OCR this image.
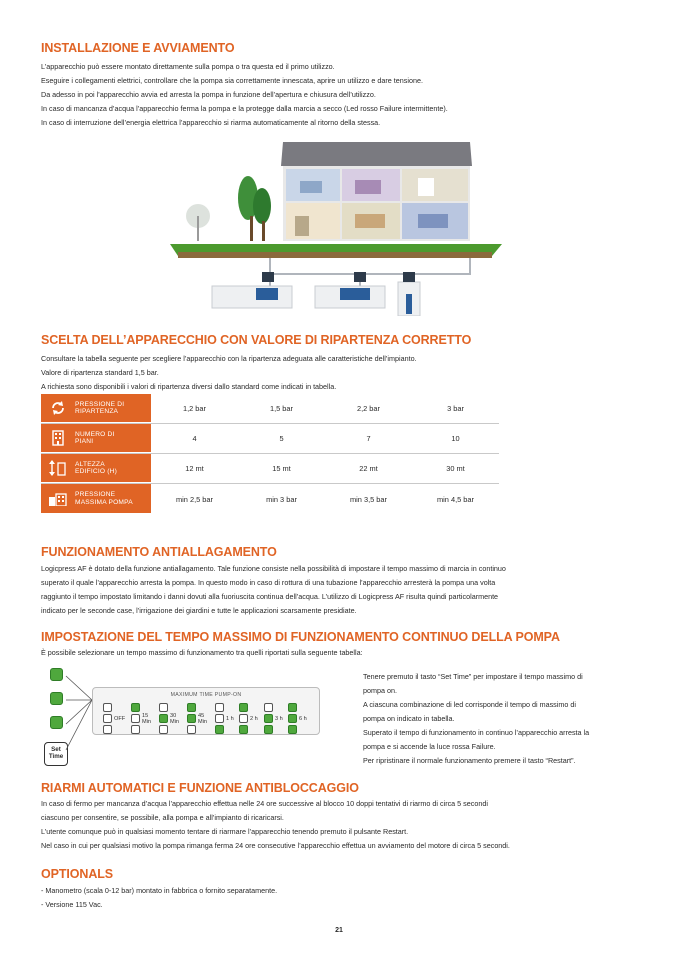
INSTALLAZIONE E AVVIAMENTO
L’apparecchio può essere montato direttamente sulla pompa o tra questa ed il primo utilizzo.
Eseguire i collegamenti elettrici, controllare che la pompa sia correttamente innescata, aprire un utilizzo e dare tensione.
Da adesso in poi l’apparecchio avvia ed arresta la pompa in funzione dell’apertura e chiusura dell’utilizzo.
In caso di mancanza d’acqua l’apparecchio ferma la pompa e la protegge dalla marcia a secco (Led rosso Failure intermittente).
In caso di interruzione dell’energia elettrica l’apparecchio si riarma automaticamente al ritorno della stessa.
SCELTA DELL’APPARECCHIO CON VALORE DI RIPARTENZA CORRETTO
Consultare la tabella seguente per scegliere l’apparecchio con la ripartenza adeguata alle caratteristiche dell’impianto.
Valore di ripartenza standard 1,5 bar.
A richiesta sono disponibili i valori di ripartenza diversi dallo standard come indicati in tabella.
PRESSIONE DI
RIPARTENZA	1,2 bar	1,5 bar	2,2 bar	3 bar
NUMERO DI
PIANI	4	5	7	10
ALTEZZA
EDIFICIO (H)	12 mt	15 mt	22 mt	30 mt
PRESSIONE
MASSIMA POMPA	min 2,5 bar	min 3 bar	min 3,5 bar	min 4,5 bar
FUNZIONAMENTO ANTIALLAGAMENTO
Logicpress AF è dotato della funzione antiallagamento. Tale funzione consiste nella possibilità di impostare il tempo massimo di marcia in continuo
superato il quale l’apparecchio arresta la pompa. In questo modo in caso di rottura di una tubazione l’apparecchio arresterà la pompa una volta
raggiunto il tempo impostato limitando i danni dovuti alla fuoriuscita continua dell’acqua. L’utilizzo di Logicpress AF risulta quindi particolarmente
indicato per le seconde case, l’irrigazione dei giardini e tutte le applicazioni scarsamente presidiate.
IMPOSTAZIONE DEL TEMPO MASSIMO DI FUNZIONAMENTO CONTINUO DELLA POMPA
È possibile selezionare un tempo massimo di funzionamento tra quelli riportati sulla seguente tabella:
Set Time
MAXIMUM TIME PUMP-ON
OFF	15 Min
30 Min
45 Min
1 h	2 h	3 h	6 h
Tenere premuto il tasto “Set Time” per impostare il tempo massimo di
pompa on.
A ciascuna combinazione di led corrisponde il tempo di massimo di
pompa on indicato in tabella.
Superato il tempo di funzionamento in continuo l’apparecchio arresta la
pompa e si accende la luce rossa Failure.
Per ripristinare il normale funzionamento premere il tasto “Restart”.
RIARMI AUTOMATICI E FUNZIONE ANTIBLOCCAGGIO
In caso di fermo per mancanza d’acqua l’apparecchio effettua nelle 24 ore successive al blocco 10 doppi tentativi di riarmo di circa 5 secondi
ciascuno per consentire, se possibile, alla pompa e all’impianto di ricaricarsi.
L’utente comunque può in qualsiasi momento tentare di riarmare l’apparecchio tenendo premuto il pulsante Restart.
Nel caso in cui per qualsiasi motivo la pompa rimanga ferma 24 ore consecutive l’apparecchio effettua un avviamento del motore di circa 5 secondi.
OPTIONALS
- Manometro (scala 0-12 bar) montato in fabbrica o fornito separatamente.
- Versione 115 Vac.
21
